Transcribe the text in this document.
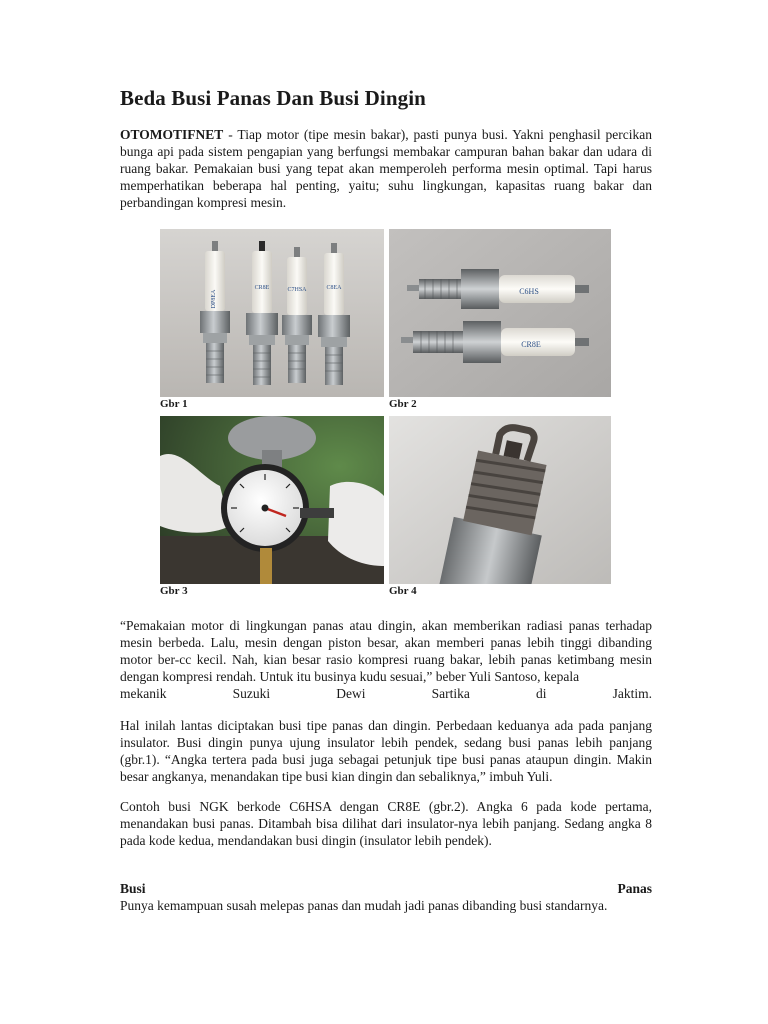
Beda Busi Panas Dan Busi Dingin

OTOMOTIFNET - Tiap motor (tipe mesin bakar), pasti punya busi. Yakni penghasil percikan bunga api pada sistem pengapian yang berfungsi membakar campuran bahan bakar dan udara di ruang bakar. Pemakaian busi yang tepat akan memperoleh performa mesin optimal. Tapi harus memperhatikan beberapa hal penting, yaitu; suhu lingkungan, kapasitas ruang bakar dan perbandingan kompresi mesin.

DP8EA
CR8E	C7HSA	C8EA

Gbr 1

C6HS
CR8E

Gbr 2

Gbr 3	Gbr 4

“Pemakaian motor di lingkungan panas atau dingin, akan memberikan radiasi panas terhadap mesin berbeda. Lalu, mesin dengan piston besar, akan memberi panas lebih tinggi dibanding motor ber-cc kecil. Nah, kian besar rasio kompresi ruang bakar, lebih panas ketimbang mesin dengan kompresi rendah. Untuk itu businya kudu sesuai,” beber Yuli Santoso, kepala
mekanik	Suzuki	Dewi	Sartika	di	Jaktim.

Hal inilah lantas diciptakan busi tipe panas dan dingin. Perbedaan keduanya ada pada panjang insulator. Busi dingin punya ujung insulator lebih pendek, sedang busi panas lebih panjang (gbr.1). “Angka tertera pada busi juga sebagai petunjuk tipe busi panas ataupun dingin. Makin besar angkanya, menandakan tipe busi kian dingin dan sebaliknya,” imbuh Yuli.

Contoh busi NGK berkode C6HSA dengan CR8E (gbr.2). Angka 6 pada kode pertama, menandakan busi panas. Ditambah bisa dilihat dari insulator-nya lebih panjang. Sedang angka 8 pada kode kedua, mendandakan busi dingin (insulator lebih pendek).

Busi	Panas
Punya kemampuan susah melepas panas dan mudah jadi panas dibanding busi standarnya.
